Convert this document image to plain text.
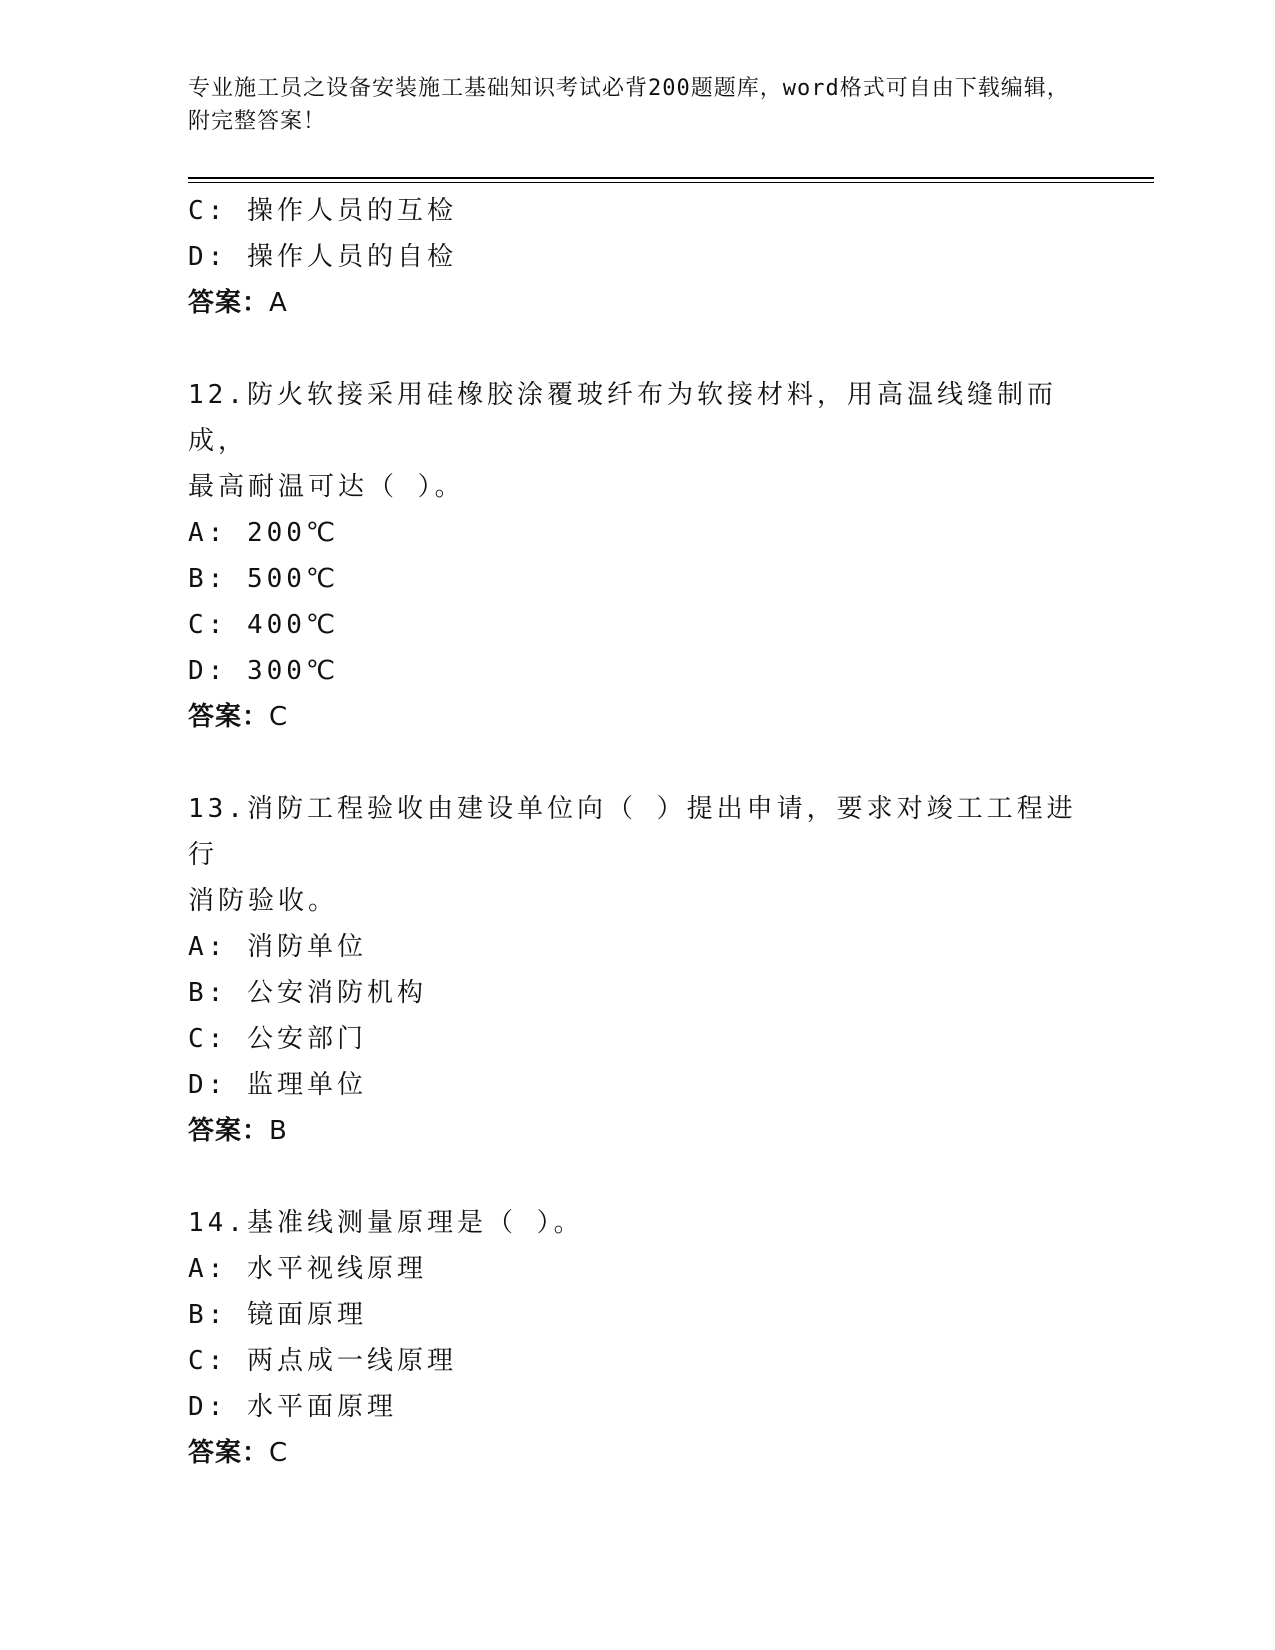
专业施工员之设备安装施工基础知识考试必背200题题库，word格式可自由下载编辑，附完整答案！
C: 操作人员的互检
D: 操作人员的自检
答案：A
12.防火软接采用硅橡胶涂覆玻纤布为软接材料，用高温线缝制而成，
最高耐温可达（ ）。
A: 200℃
B: 500℃
C: 400℃
D: 300℃
答案：C
13.消防工程验收由建设单位向（ ）提出申请，要求对竣工工程进行
消防验收。
A: 消防单位
B: 公安消防机构
C: 公安部门
D: 监理单位
答案：B
14.基准线测量原理是（ ）。
A: 水平视线原理
B: 镜面原理
C: 两点成一线原理
D: 水平面原理
答案：C
